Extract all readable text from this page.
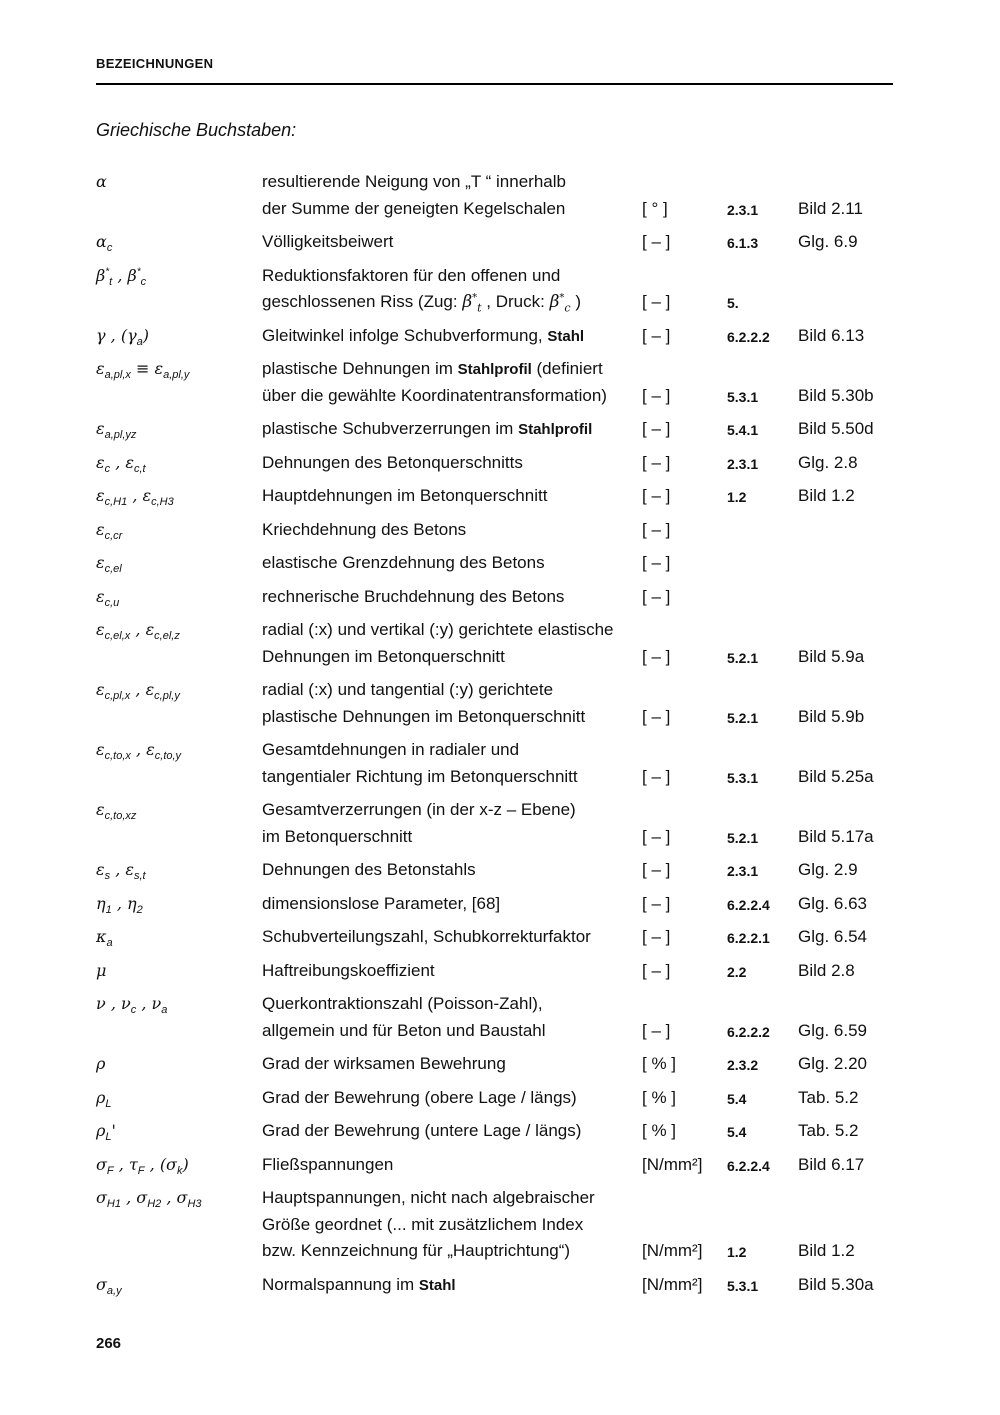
BEZEICHNUNGEN
Griechische Buchstaben:
α	resultierende Neigung von „T “ innerhalb
der Summe der geneigten Kegelschalen	[ ° ]	2.3.1 Bild 2.11
$\alpha_c$	Völligkeitsbeiwert	[ – ]	6.1.3 Glg. 6.9
$\beta^*_t$ , $\beta^*_c$	Reduktionsfaktoren für den offenen und
geschlossenen Riss (Zug: $\beta^*_t$ , Druck: $\beta^*_c$ )	[ – ]	5.
γ , $(\gamma_a)$	Gleitwinkel infolge Schubverformung, Stahl	[ – ]	6.2.2.2 Bild 6.13
$\varepsilon_{a,pl,x} \equiv \varepsilon_{a,pl,y}$	plastische Dehnungen im Stahlprofil (definiert
über die gewählte Koordinatentransformation) [ – ]	5.3.1 Bild 5.30b
$\varepsilon_{a,pl,yz}$	plastische Schubverzerrungen im Stahlprofil	[ – ]	5.4.1 Bild 5.50d
$\varepsilon_c$ , $\varepsilon_{c,t}$	Dehnungen des Betonquerschnitts	[ – ]	2.3.1 Glg. 2.8
$\varepsilon_{c,H1}$ , $\varepsilon_{c,H3}$	Hauptdehnungen im Betonquerschnitt	[ – ]	1.2	Bild 1.2
$\varepsilon_{c,cr}$	Kriechdehnung des Betons	[ – ]
$\varepsilon_{c,el}$	elastische Grenzdehnung des Betons	[ – ]
$\varepsilon_{c,u}$	rechnerische Bruchdehnung des Betons	[ – ]
$\varepsilon_{c,el,x}$ , $\varepsilon_{c,el,z}$	radial (:x) und vertikal (:y) gerichtete elastische
Dehnungen im Betonquerschnitt	[ – ]	5.2.1 Bild 5.9a
$\varepsilon_{c,pl,x}$ , $\varepsilon_{c,pl,y}$	radial (:x) und tangential (:y) gerichtete
plastische Dehnungen im Betonquerschnitt	[ – ]	5.2.1 Bild 5.9b
$\varepsilon_{c,to,x}$ , $\varepsilon_{c,to,y}$	Gesamtdehnungen in radialer und
tangentialer Richtung im Betonquerschnitt	[ – ]	5.3.1 Bild 5.25a
$\varepsilon_{c,to,xz}$	Gesamtverzerrungen (in der x-z – Ebene)
im Betonquerschnitt	[ – ]	5.2.1 Bild 5.17a
$\varepsilon_s$ , $\varepsilon_{s,t}$	Dehnungen des Betonstahls	[ – ]	2.3.1 Glg. 2.9
$\eta_1$ , $\eta_2$	dimensionslose Parameter, [68]	[ – ]	6.2.2.4 Glg. 6.63
$\kappa_a$	Schubverteilungszahl, Schubkorrekturfaktor	[ – ]	6.2.2.1 Glg. 6.54
μ	Haftreibungskoeffizient	[ – ]	2.2	Bild 2.8
ν , $\nu_c$ , $\nu_a$	Querkontraktionszahl (Poisson-Zahl),
allgemein und für Beton und Baustahl	[ – ]	6.2.2.2 Glg. 6.59
ρ	Grad der wirksamen Bewehrung	[ % ]	2.3.2 Glg. 2.20
$\rho_L$	Grad der Bewehrung (obere Lage / längs)	[ % ]	5.4	Tab. 5.2
$\rho_L'$	Grad der Bewehrung (untere Lage / längs)	[ % ]	5.4	Tab. 5.2
$\sigma_F$ , $\tau_F$ , $(\sigma_k)$	Fließspannungen	[N/mm²] 6.2.2.4 Bild 6.17
$\sigma_{H1}$ , $\sigma_{H2}$ , $\sigma_{H3}$	Hauptspannungen, nicht nach algebraischer
Größe geordnet (... mit zusätzlichem Index
bzw. Kennzeichnung für „Hauptrichtung“)	[N/mm²] 1.2	Bild 1.2
$\sigma_{a,y}$	Normalspannung im Stahl	[N/mm²] 5.3.1 Bild 5.30a
266
